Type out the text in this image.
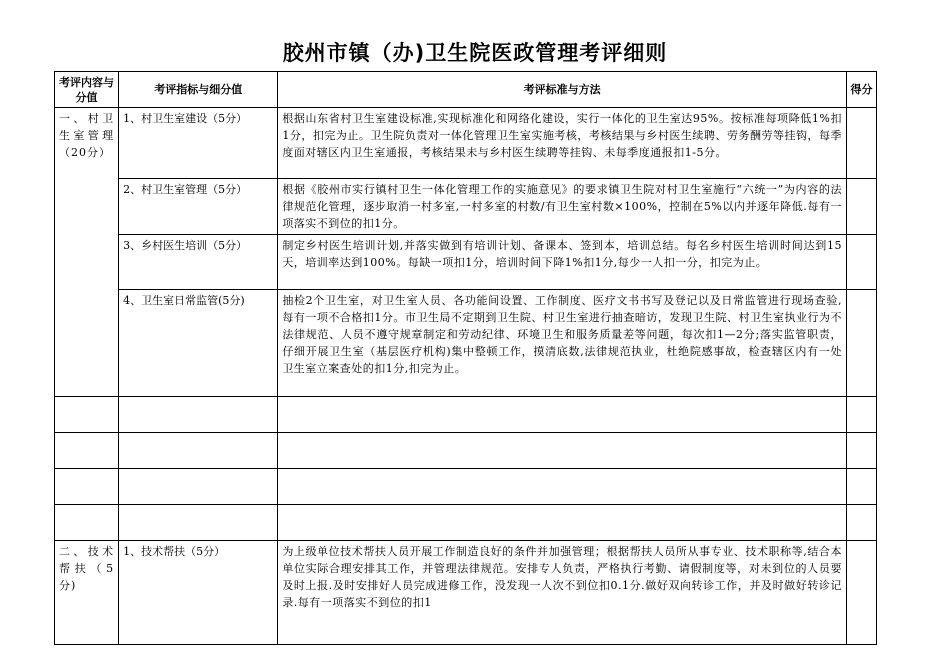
胶州市镇（办)卫生院医政管理考评细则
考评内容与分值	考评指标与细分值	考评标准与方法	得分
一、村卫生室管理（20分）	1、村卫生室建设（5分）	根据山东省村卫生室建设标准,实现标准化和网络化建设，实行一体化的卫生室达95%。按标准每项降低1%扣1分，扣完为止。卫生院负责对一体化管理卫生室实施考核，考核结果与乡村医生续聘、劳务酬劳等挂钩，每季度面对辖区内卫生室通报，考核结果未与乡村医生续聘等挂钩、未每季度通报扣1-5分。	
	2、村卫生室管理（5分）	根据《胶州市实行镇村卫生一体化管理工作的实施意见》的要求镇卫生院对村卫生室施行“六统一”为内容的法律规范化管理，逐步取消一村多室,一村多室的村数/有卫生室村数×100%，控制在5%以内并逐年降低.每有一项落实不到位的扣1分。	
	3、乡村医生培训（5分）	制定乡村医生培训计划,并落实做到有培训计划、备课本、签到本，培训总结。每名乡村医生培训时间达到15天，培训率达到100%。每缺一项扣1分，培训时间下降1%扣1分,每少一人扣一分，扣完为止。	
	4、卫生室日常监管(5分)	抽检2个卫生室，对卫生室人员、各功能间设置、工作制度、医疗文书书写及登记以及日常监管进行现场查验,每有一项不合格扣1分。市卫生局不定期到卫生院、村卫生室进行抽查暗访，发现卫生院、村卫生室执业行为不法律规范、人员不遵守规章制定和劳动纪律、环境卫生和服务质量差等问题，每次扣1—2分;落实监管职责，仔细开展卫生室（基层医疗机构)集中整顿工作，摸清底数,法律规范执业，杜绝院感事故，检查辖区内有一处卫生室立案查处的扣1分,扣完为止。	

二、技术帮扶（5分)	1、技术帮扶（5分）	为上级单位技术帮扶人员开展工作制造良好的条件并加强管理；根据帮扶人员所从事专业、技术职称等,结合本单位实际合理安排其工作，并管理法律规范。安排专人负责，严格执行考勤、请假制度等，对未到位的人员要及时上报.及时安排好人员完成进修工作，没发现一人次不到位扣0.1分.做好双向转诊工作，并及时做好转诊记录.每有一项落实不到位的扣1	
